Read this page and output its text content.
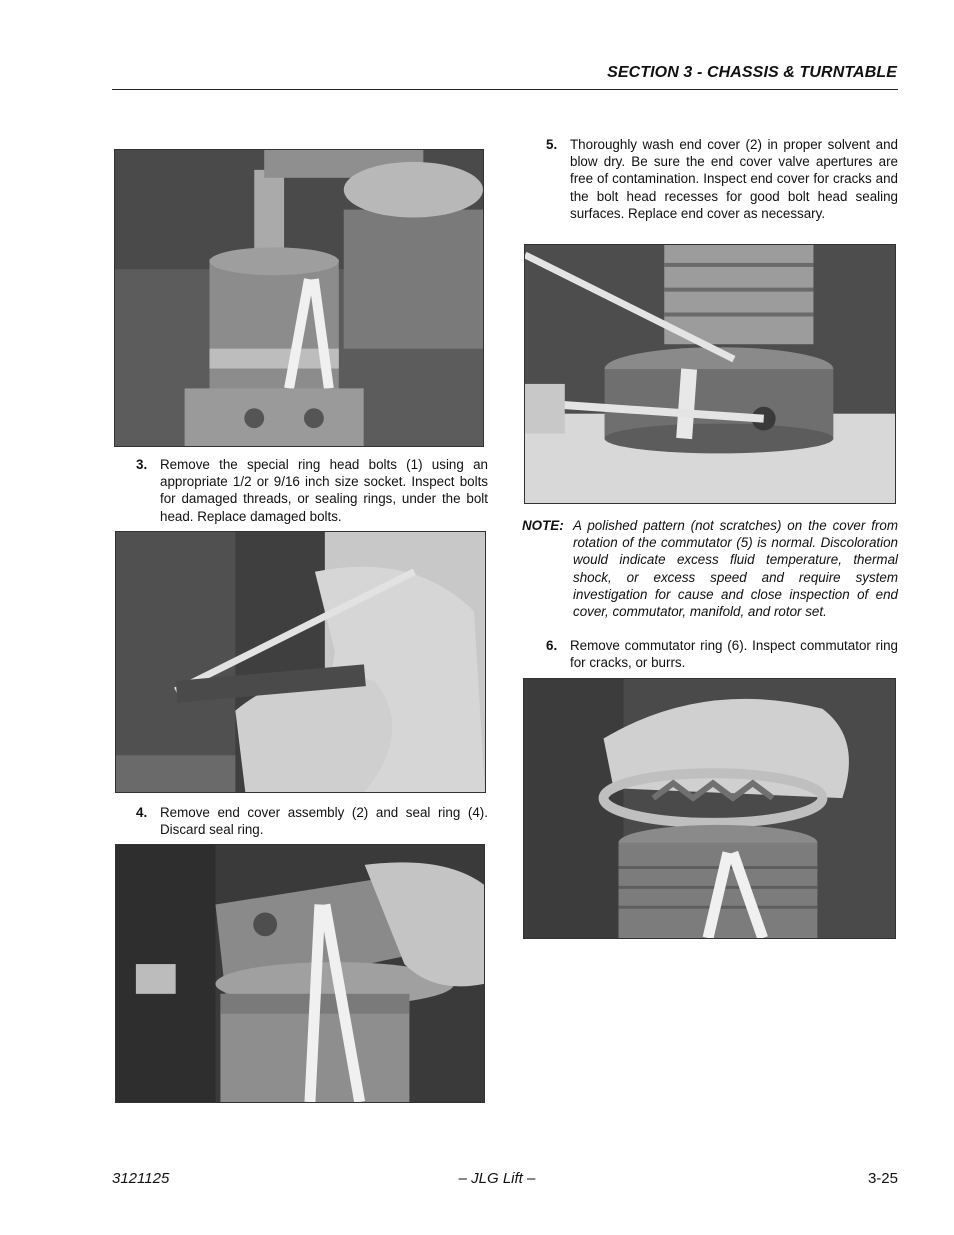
SECTION 3 - CHASSIS & TURNTABLE
3. Remove the special ring head bolts (1) using an appropriate 1/2 or 9/16 inch size socket. Inspect bolts for damaged threads, or sealing rings, under the bolt head. Replace damaged bolts.
4. Remove end cover assembly (2) and seal ring (4). Discard seal ring.
5. Thoroughly wash end cover (2) in proper solvent and blow dry. Be sure the end cover valve apertures are free of contamination. Inspect end cover for cracks and the bolt head recesses for good bolt head sealing surfaces. Replace end cover as necessary.
NOTE: A polished pattern (not scratches) on the cover from rotation of the commutator (5) is normal. Discoloration would indicate excess fluid temperature, thermal shock, or excess speed and require system investigation for cause and close inspection of end cover, commutator, manifold, and rotor set.
6. Remove commutator ring (6). Inspect commutator ring for cracks, or burrs.
3121125	– JLG Lift –	3-25
